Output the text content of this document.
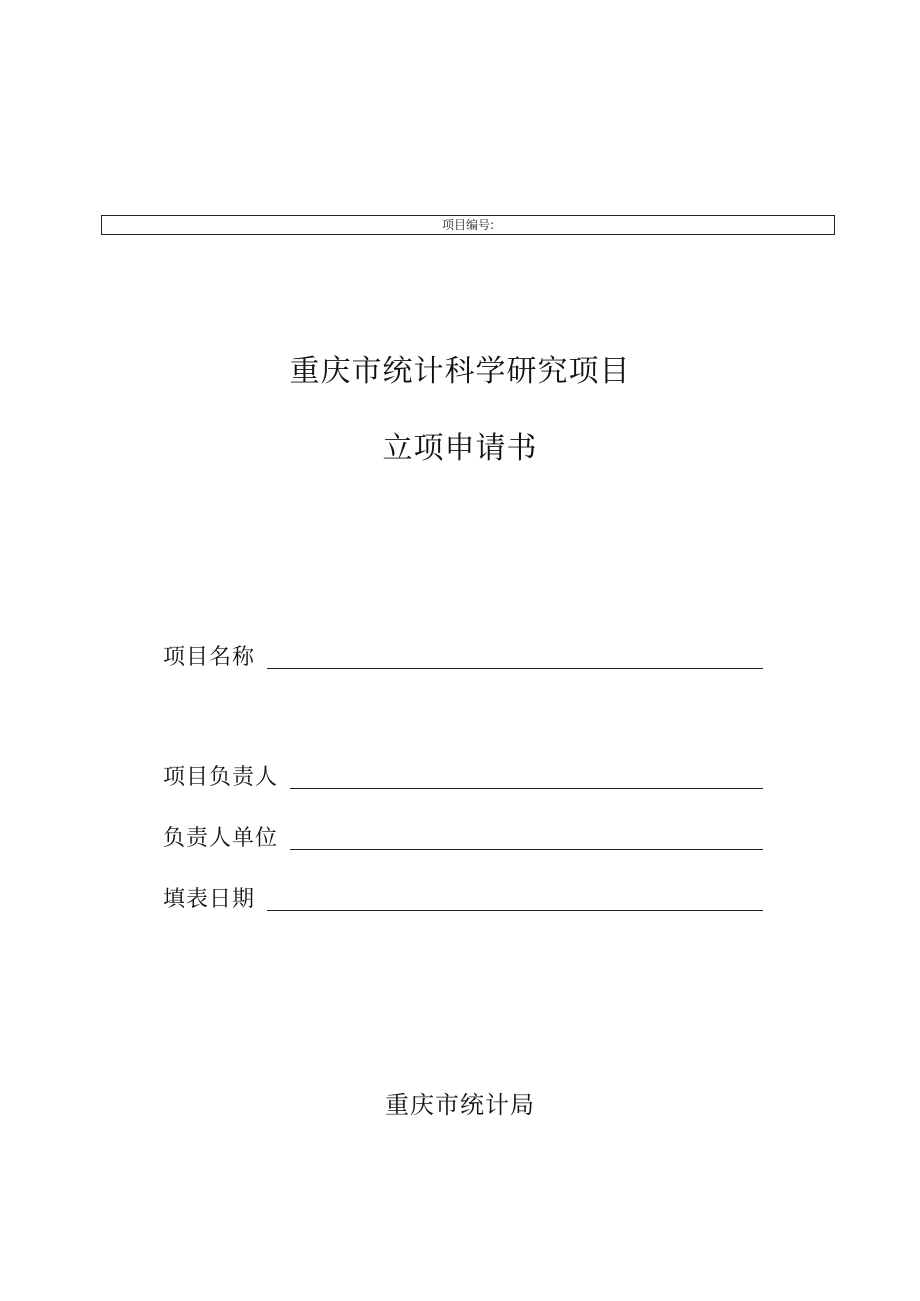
项目编号:
重庆市统计科学研究项目
立项申请书
项目名称
项目负责人
负责人单位
填表日期
重庆市统计局
